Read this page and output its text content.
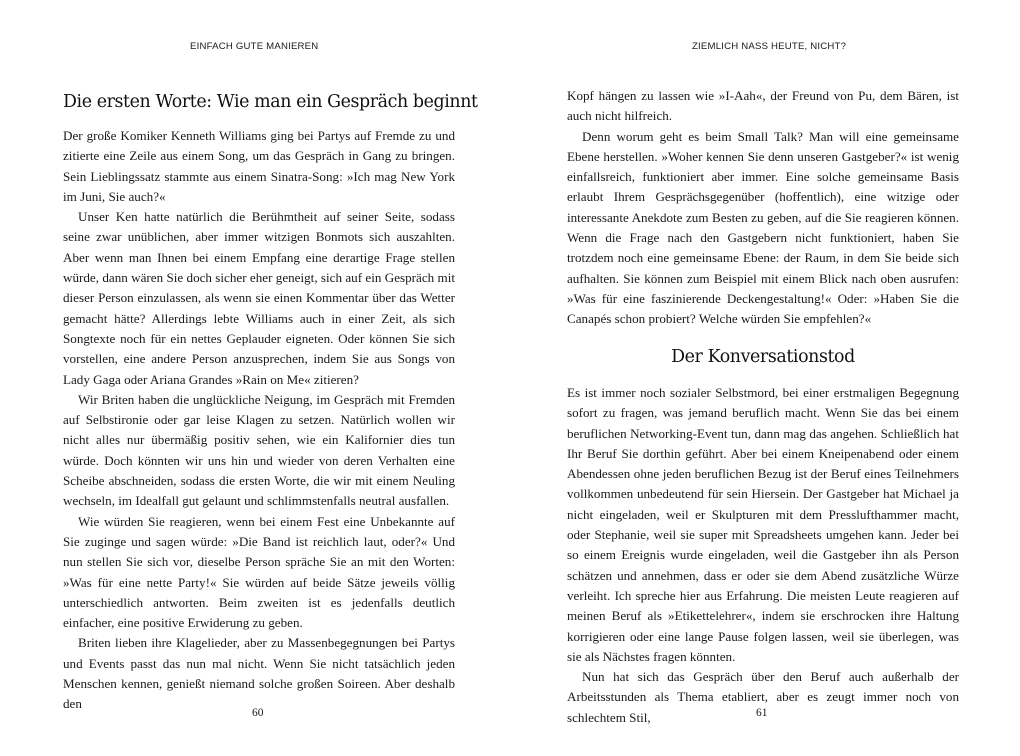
EINFACH GUTE MANIEREN
Die ersten Worte: Wie man ein Gespräch beginnt

Der große Komiker Kenneth Williams ging bei Partys auf Fremde zu und zitierte eine Zeile aus einem Song, um das Gespräch in Gang zu bringen. Sein Lieblingssatz stammte aus einem Sinatra-Song: »Ich mag New York im Juni, Sie auch?«

Unser Ken hatte natürlich die Berühmtheit auf seiner Seite, sodass seine zwar unüblichen, aber immer witzigen Bonmots sich auszahlten. Aber wenn man Ihnen bei einem Empfang eine derartige Frage stellen würde, dann wären Sie doch sicher eher geneigt, sich auf ein Gespräch mit dieser Person einzulassen, als wenn sie einen Kommentar über das Wetter gemacht hätte? Allerdings lebte Williams auch in einer Zeit, als sich Songtexte noch für ein nettes Geplauder eigneten. Oder können Sie sich vorstellen, eine andere Person anzusprechen, indem Sie aus Songs von Lady Gaga oder Ariana Grandes »Rain on Me« zitieren?

Wir Briten haben die unglückliche Neigung, im Gespräch mit Fremden auf Selbstironie oder gar leise Klagen zu setzen. Natürlich wollen wir nicht alles nur übermäßig positiv sehen, wie ein Kalifornier dies tun würde. Doch könnten wir uns hin und wieder von deren Verhalten eine Scheibe abschneiden, sodass die ersten Worte, die wir mit einem Neuling wechseln, im Idealfall gut gelaunt und schlimmstenfalls neutral ausfallen.

Wie würden Sie reagieren, wenn bei einem Fest eine Unbekannte auf Sie zuginge und sagen würde: »Die Band ist reichlich laut, oder?« Und nun stellen Sie sich vor, dieselbe Person spräche Sie an mit den Worten: »Was für eine nette Party!« Sie würden auf beide Sätze jeweils völlig unterschiedlich antworten. Beim zweiten ist es jedenfalls deutlich einfacher, eine positive Erwiderung zu geben.

Briten lieben ihre Klagelieder, aber zu Massenbegegnungen bei Partys und Events passt das nun mal nicht. Wenn Sie nicht tatsächlich jeden Menschen kennen, genießt niemand solche großen Soireen. Aber deshalb den

60
ZIEMLICH NASS HEUTE, NICHT?

Kopf hängen zu lassen wie »I-Aah«, der Freund von Pu, dem Bären, ist auch nicht hilfreich.

Denn worum geht es beim Small Talk? Man will eine gemeinsame Ebene herstellen. »Woher kennen Sie denn unseren Gastgeber?« ist wenig einfallsreich, funktioniert aber immer. Eine solche gemeinsame Basis erlaubt Ihrem Gesprächsgegenüber (hoffentlich), eine witzige oder interessante Anekdote zum Besten zu geben, auf die Sie reagieren können. Wenn die Frage nach den Gastgebern nicht funktioniert, haben Sie trotzdem noch eine gemeinsame Ebene: der Raum, in dem Sie beide sich aufhalten. Sie können zum Beispiel mit einem Blick nach oben ausrufen: »Was für eine faszinierende Deckengestaltung!« Oder: »Haben Sie die Canapés schon probiert? Welche würden Sie empfehlen?«

Der Konversationstod

Es ist immer noch sozialer Selbstmord, bei einer erstmaligen Begegnung sofort zu fragen, was jemand beruflich macht. Wenn Sie das bei einem beruflichen Networking-Event tun, dann mag das angehen. Schließlich hat Ihr Beruf Sie dorthin geführt. Aber bei einem Kneipenabend oder einem Abendessen ohne jeden beruflichen Bezug ist der Beruf eines Teilnehmers vollkommen unbedeutend für sein Hiersein. Der Gastgeber hat Michael ja nicht eingeladen, weil er Skulpturen mit dem Presslufthammer macht, oder Stephanie, weil sie super mit Spreadsheets umgehen kann. Jeder bei so einem Ereignis wurde eingeladen, weil die Gastgeber ihn als Person schätzen und annehmen, dass er oder sie dem Abend zusätzliche Würze verleiht. Ich spreche hier aus Erfahrung. Die meisten Leute reagieren auf meinen Beruf als »Etikettelehrer«, indem sie erschrocken ihre Haltung korrigieren oder eine lange Pause folgen lassen, weil sie überlegen, was sie als Nächstes fragen könnten.

Nun hat sich das Gespräch über den Beruf auch außerhalb der Arbeitsstunden als Thema etabliert, aber es zeugt immer noch von schlechtem Stil,	61
